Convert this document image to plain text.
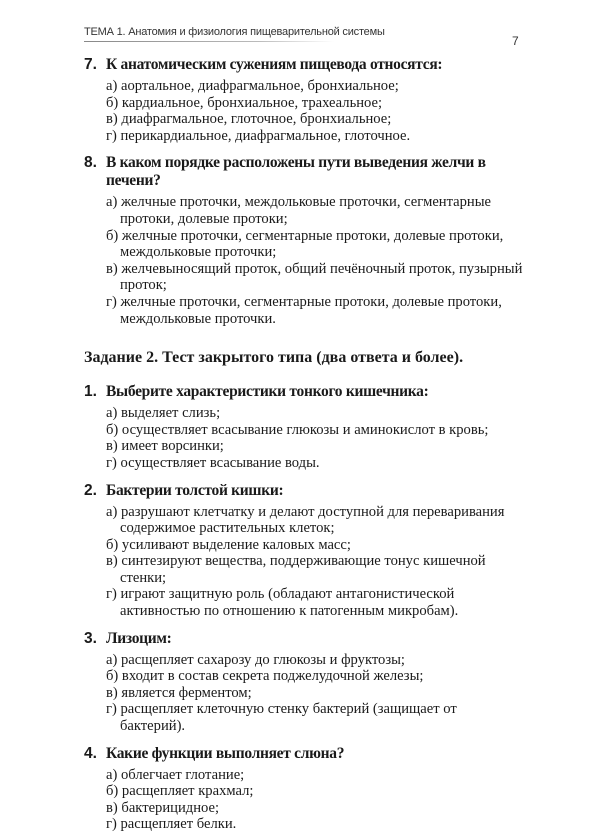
ТЕМА 1. Анатомия и физиология пищеварительной системы
7
7. К анатомическим сужениям пищевода относятся:
а) аортальное, диафрагмальное, бронхиальное;
б) кардиальное, бронхиальное, трахеальное;
в) диафрагмальное, глоточное, бронхиальное;
г) перикардиальное, диафрагмальное, глоточное.
8. В каком порядке расположены пути выведения желчи в печени?
а) желчные проточки, междольковые проточки, сегментарные протоки, долевые протоки;
б) желчные проточки, сегментарные протоки, долевые протоки, междольковые проточки;
в) желчевыносящий проток, общий печёночный проток, пузырный проток;
г) желчные проточки, сегментарные протоки, долевые протоки, междольковые проточки.
Задание 2. Тест закрытого типа (два ответа и более).
1. Выберите характеристики тонкого кишечника:
а) выделяет слизь;
б) осуществляет всасывание глюкозы и аминокислот в кровь;
в) имеет ворсинки;
г) осуществляет всасывание воды.
2. Бактерии толстой кишки:
а) разрушают клетчатку и делают доступной для переваривания содержимое растительных клеток;
б) усиливают выделение каловых масс;
в) синтезируют вещества, поддерживающие тонус кишечной стенки;
г) играют защитную роль (обладают антагонистической активностью по отношению к патогенным микробам).
3. Лизоцим:
а) расщепляет сахарозу до глюкозы и фруктозы;
б) входит в состав секрета поджелудочной железы;
в) является ферментом;
г) расщепляет клеточную стенку бактерий (защищает от бактерий).
4. Какие функции выполняет слюна?
а) облегчает глотание;
б) расщепляет крахмал;
в) бактерицидное;
г) расщепляет белки.
